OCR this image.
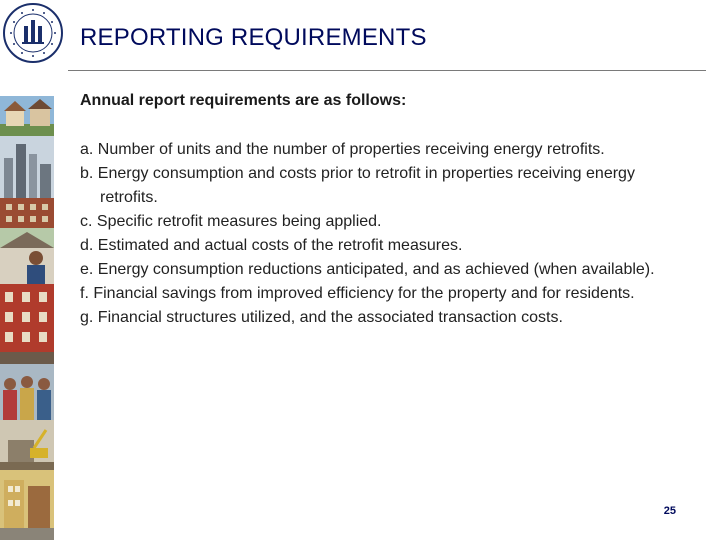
REPORTING REQUIREMENTS

Annual report requirements are as follows:

a. Number of units and the number of properties receiving energy retrofits.
b. Energy consumption and costs prior to retrofit in properties receiving energy retrofits.
c. Specific retrofit measures being applied.
d. Estimated and actual costs of the retrofit measures.
e. Energy consumption reductions anticipated, and as achieved (when available).
f. Financial savings from improved efficiency for the property and for residents.
g. Financial structures utilized, and the associated transaction costs.
25
